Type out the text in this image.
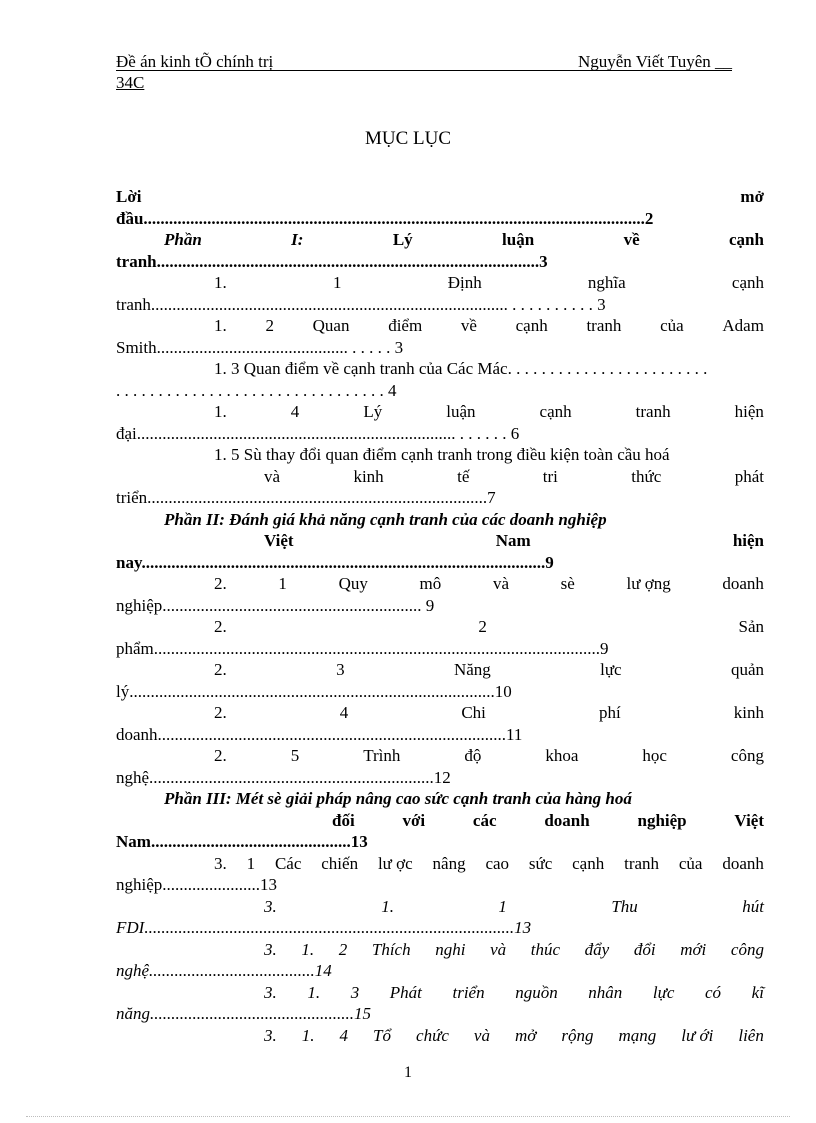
Đề án kinh tÕ chính trị	Nguyễn Viết Tuyên __
34C
MỤC LỤC
Lời	mở
đầu......................................................................................................................2
Phần	I:	Lý	luận	về	cạnh
tranh..........................................................................................3
1.	1	Định	nghĩa	cạnh
tranh.................................................................................... . . . . . . . . . . 3
1. 2 Quan điểm về cạnh tranh của Adam
Smith............................................. . . . . . 3
1. 3 Quan điểm về cạnh tranh của Các Mác. . . . . . . . . . . . . . . . . . . . . . . .
. . . . . . . . . . . . . . . . . . . . . . . . . . . . . . . . 4
1.	4	Lý	luận	cạnh	tranh	hiện
đại........................................................................... . . . . . . 6
1. 5 Sù thay đổi quan điểm cạnh tranh trong điều kiện toàn cầu hoá
và	kinh	tế	tri	thức	phát
triển................................................................................7
Phần II: Đánh giá khả năng cạnh tranh của các doanh nghiệp
Việt	Nam	hiện
nay...............................................................................................9
2.	1	Quy	mô	và	sè	lư ợng	doanh
nghiệp............................................................. 9
2.	2	Sản
phẩm.........................................................................................................9
2.	3	Năng	lực	quản
lý......................................................................................10
2.	4	Chi	phí	kinh
doanh..................................................................................11
2.	5	Trình	độ	khoa	học	công
nghệ...................................................................12
Phần III: Mét sè giải pháp nâng cao sức cạnh tranh của hàng hoá
đối	với	các	doanh	nghiệp	Việt
Nam...............................................13
3. 1 Các chiến lư ợc nâng cao sức cạnh tranh của doanh
nghiệp.......................13
3.	1.	1	Thu	hút
FDI.......................................................................................13
3. 1. 2 Thích nghi và thúc đẩy đổi mới công
nghệ.......................................14
3. 1. 3 Phát triển nguồn nhân lực có kĩ
năng................................................15
3. 1. 4 Tổ chức và mở rộng mạng lư ới liên
1
